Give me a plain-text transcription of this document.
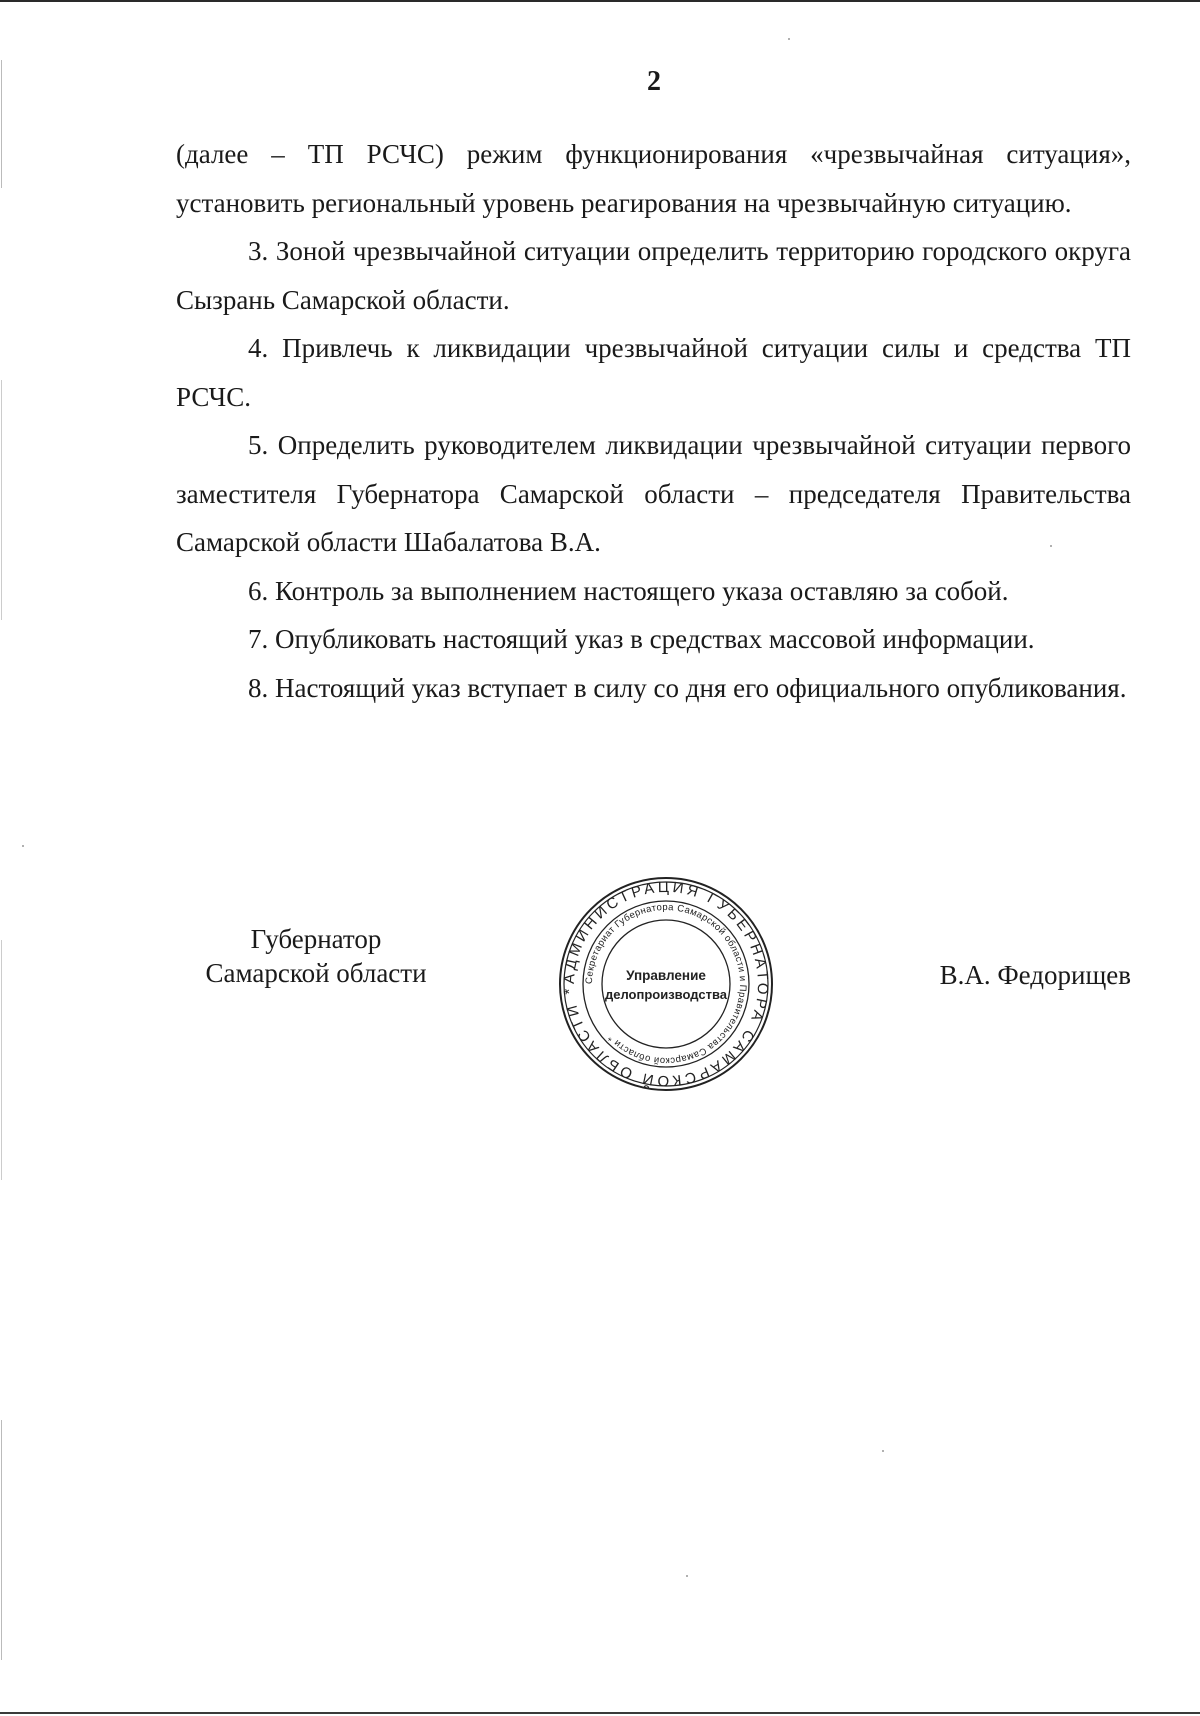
2

(далее – ТП РСЧС) режим функционирования «чрезвычайная ситуация», установить региональный уровень реагирования на чрезвычайную ситуацию.

3. Зоной чрезвычайной ситуации определить территорию городского округа Сызрань Самарской области.

4. Привлечь к ликвидации чрезвычайной ситуации силы и средства ТП РСЧС.

5. Определить руководителем ликвидации чрезвычайной ситуации первого заместителя Губернатора Самарской области – председателя Правительства Самарской области Шабалатова В.А.

6. Контроль за выполнением настоящего указа оставляю за собой.

7. Опубликовать настоящий указ в средствах массовой информации.

8. Настоящий указ вступает в силу со дня его официального опубликования.

Губернатор
Самарской области	АДМИНИСТРАЦИЯ ГУБЕРНАТОРА САМАРСКОЙ ОБЛАСТИ *
Секретариат Губернатора Самарской области и Правительства Самарской области *
Управление
делопроизводства
В.А. Федорищев
